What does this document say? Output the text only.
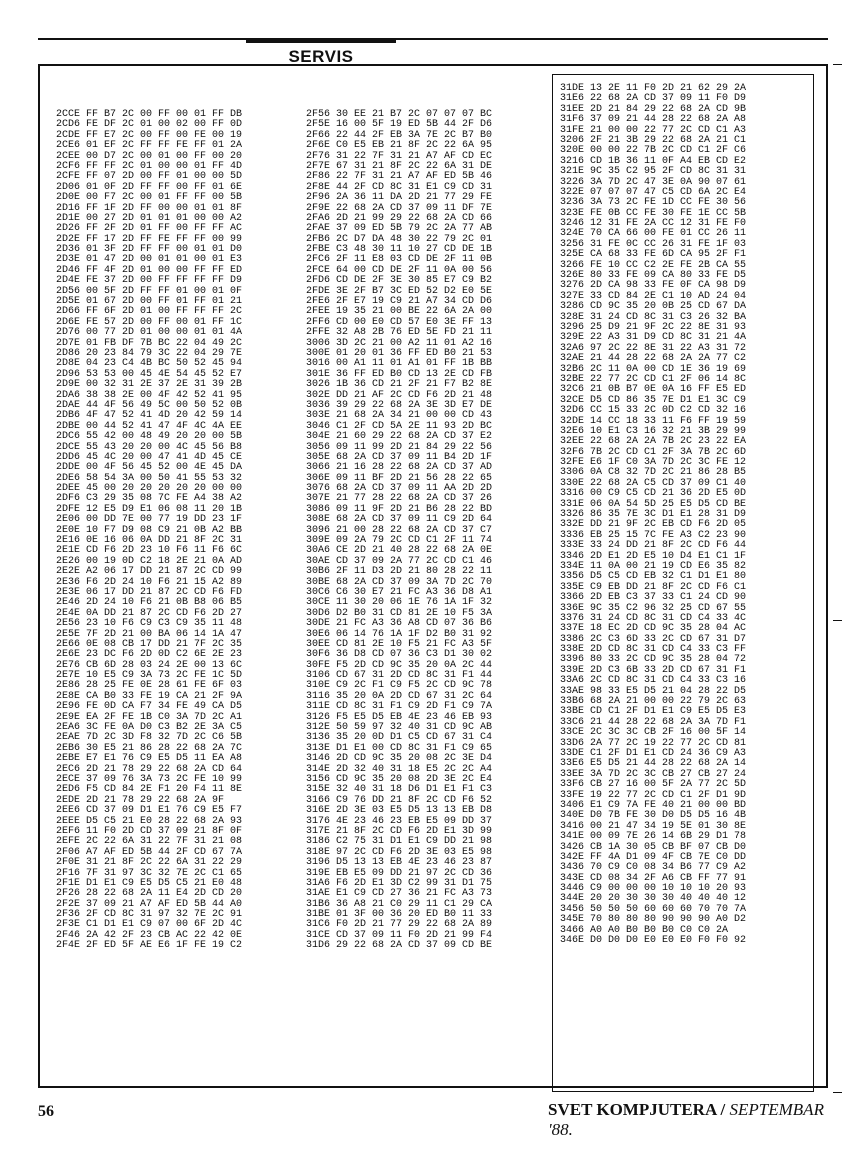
SERVIS
2CCE FF B7 2C 00 FF 00 01 FF DB
2CD6 FE DF 2C 01 00 02 00 FF 0D
2CDE FF E7 2C 00 FF 00 FE 00 19
2CE6 01 EF 2C FF FF FE FF 01 2A
2CEE 00 D7 2C 00 01 00 FF 00 20
2CF6 FF FF 2C 01 00 00 01 FF 4D
2CFE FF 07 2D 00 FF 01 00 00 5D
2D06 01 0F 2D FF FF 00 FF 01 6E
2D0E 00 F7 2C 00 01 FF FF 00 5B
2D16 FF 1F 2D FF 00 00 01 01 8F
2D1E 00 27 2D 01 01 01 00 00 A2
2D26 FF 2F 2D 01 FF 00 FF FF AC
2D2E FF 17 2D FF FE FF FF 00 99
2D36 01 3F 2D FF FF 00 01 01 D0
2D3E 01 47 2D 00 01 01 00 01 E3
2D46 FF 4F 2D 01 00 00 FF FF ED
2D4E FE 37 2D 00 FF FF FF FF D9
2D56 00 5F 2D FF FF 01 00 01 0F
2D5E 01 67 2D 00 FF 01 FF 01 21
2D66 FF 6F 2D 01 00 FF FF FF 2C
2D6E FE 57 2D 00 FF 00 01 FF 1C
2D76 00 77 2D 01 00 00 01 01 4A
2D7E 01 FB DF 7B BC 22 04 49 2C
2D86 20 23 84 79 3C 22 04 29 7E
2D8E 04 23 C4 4B BC 50 52 45 94
2D96 53 53 00 45 4E 54 45 52 E7
2D9E 00 32 31 2E 37 2E 31 39 2B
2DA6 38 38 2E 00 4F 42 52 41 95
2DAE 44 4F 56 49 5C 00 50 52 0B
2DB6 4F 47 52 41 4D 20 42 59 14
2DBE 00 44 52 41 47 4F 4C 4A EE
2DC6 55 42 00 48 49 20 20 00 5B
2DCE 55 43 20 20 00 4C 45 56 B8
2DD6 45 4C 20 00 47 41 4D 45 CE
2DDE 00 4F 56 45 52 00 4E 45 DA
2DE6 58 54 3A 00 50 41 55 53 32
2DEE 45 00 20 20 20 20 20 00 00
2DF6 C3 29 35 08 7C FE A4 38 A2
2DFE 12 E5 D9 E1 06 08 11 20 1B
2E06 00 DD 7E 00 77 19 DD 23 1F
2E0E 10 F7 D9 08 C9 21 0B A2 BB
2E16 0E 16 06 0A DD 21 8F 2C 31
2E1E CD F6 2D 23 10 F6 11 F6 6C
2E26 00 19 0D C2 18 2E 21 0A AD
2E2E A2 06 17 DD 21 87 2C CD 99
2E36 F6 2D 24 10 F6 21 15 A2 89
2E3E 06 17 DD 21 87 2C CD F6 FD
2E46 2D 24 10 F6 21 0B B8 06 B5
2E4E 0A DD 21 87 2C CD F6 2D 27
2E56 23 10 F6 C9 C3 C9 35 11 48
2E5E 7F 2D 21 00 BA 06 14 1A 47
2E66 0E 08 CB 17 DD 21 7F 2C 35
2E6E 23 DC F6 2D 0D C2 6E 2E 23
2E76 CB 6D 28 03 24 2E 00 13 6C
2E7E 10 E5 C9 3A 73 2C FE 1C 5D
2E86 28 25 FE 0E 28 61 FE 6F 03
2E8E CA B0 33 FE 19 CA 21 2F 9A
2E96 FE 0D CA F7 34 FE 49 CA D5
2E9E EA 2F FE 1B C0 3A 7D 2C A1
2EA6 3C FE 0A D0 C3 B2 2E 3A C5
2EAE 7D 2C 3D F8 32 7D 2C C6 5B
2EB6 30 E5 21 86 28 22 68 2A 7C
2EBE E7 E1 76 C9 E5 D5 11 EA A8
2EC6 2D 21 78 29 22 68 2A CD 64
2ECE 37 09 76 3A 73 2C FE 10 99
2ED6 F5 CD 84 2E F1 20 F4 11 8E
2EDE 2D 21 78 29 22 68 2A 9F
2EE6 CD 37 09 D1 E1 76 C9 E5 F7
2EEE D5 C5 21 E0 28 22 68 2A 93
2EF6 11 F0 2D CD 37 09 21 8F 0F
2EFE 2C 22 6A 31 22 7F 31 21 08
2F06 A7 AF ED 5B 44 2F CD 67 7A
2F0E 31 21 8F 2C 22 6A 31 22 29
2F16 7F 31 97 3C 32 7E 2C C1 65
2F1E D1 E1 C9 E5 D5 C5 21 E0 48
2F26 28 22 68 2A 11 E4 2D CD 20
2F2E 37 09 21 A7 AF ED 5B 44 A0
2F36 2F CD 8C 31 97 32 7E 2C 91
2F3E C1 D1 E1 C9 07 00 6F 2D 4C
2F46 2A 42 2F 23 CB AC 22 42 0E
2F4E 2F ED 5F AE E6 1F FE 19 C2
2F56 30 EE 21 B7 2C 07 07 07 BC
2F5E 16 00 5F 19 ED 5B 44 2F D6
2F66 22 44 2F EB 3A 7E 2C B7 B0
2F6E C0 E5 EB 21 8F 2C 22 6A 95
2F76 31 22 7F 31 21 A7 AF CD EC
2F7E 67 31 21 8F 2C 22 6A 31 DE
2F86 22 7F 31 21 A7 AF ED 5B 46
2F8E 44 2F CD 8C 31 E1 C9 CD 31
2F96 2A 36 11 DA 2D 21 77 29 FE
2F9E 22 68 2A CD 37 09 11 DF 7E
2FA6 2D 21 99 29 22 68 2A CD 66
2FAE 37 09 ED 5B 79 2C 2A 77 AB
2FB6 2C D7 DA 48 30 22 79 2C 01
2FBE C3 48 30 11 10 27 CD DE 1B
2FC6 2F 11 E8 03 CD DE 2F 11 0B
2FCE 64 00 CD DE 2F 11 0A 00 56
2FD6 CD DE 2F 3E 30 85 E7 C9 B2
2FDE 3E 2F B7 3C ED 52 D2 E0 5E
2FE6 2F E7 19 C9 21 A7 34 CD D6
2FEE 19 35 21 00 BE 22 6A 2A 00
2FF6 CD 00 E0 CD 57 E0 3E FF 13
2FFE 32 A8 2B 76 ED 5E FD 21 11
3006 3D 2C 21 00 A2 11 01 A2 16
300E 01 20 01 36 FF ED B0 21 53
3016 00 A1 11 01 A1 01 FF 1B BB
301E 36 FF ED B0 CD 13 2E CD FB
3026 1B 36 CD 21 2F 21 F7 B2 8E
302E DD 21 AF 2C CD F6 2D 21 48
3036 39 29 22 68 2A 3E 3D E7 DE
303E 21 68 2A 34 21 00 00 CD 43
3046 C1 2F CD 5A 2E 11 93 2D BC
304E 21 60 29 22 68 2A CD 37 E2
3056 09 11 99 2D 21 84 29 22 56
305E 68 2A CD 37 09 11 B4 2D 1F
3066 21 16 28 22 68 2A CD 37 AD
306E 09 11 BF 2D 21 56 28 22 65
3076 68 2A CD 37 09 11 AA 2D 2D
307E 21 77 28 22 68 2A CD 37 26
3086 09 11 9F 2D 21 B6 28 22 BD
308E 68 2A CD 37 09 11 C9 2D 64
3096 21 00 28 22 68 2A CD 37 C7
309E 09 2A 79 2C CD C1 2F 11 74
30A6 CE 2D 21 40 28 22 68 2A 0E
30AE CD 37 09 2A 77 2C CD C1 46
30B6 2F 11 D3 2D 21 80 28 22 11
30BE 68 2A CD 37 09 3A 7D 2C 70
30C6 C6 30 E7 21 FC A3 36 D8 A1
30CE 11 30 20 06 1E 76 1A 1F 32
30D6 D2 B0 31 CD 81 2E 10 F5 3A
30DE 21 FC A3 36 A8 CD 07 36 B6
30E6 06 14 76 1A 1F D2 B0 31 92
30EE CD 81 2E 10 F5 21 FC A3 5F
30F6 36 D8 CD 07 36 C3 D1 30 02
30FE F5 2D CD 9C 35 20 0A 2C 44
3106 CD 67 31 2D CD 8C 31 F1 44
310E C9 2C F1 C9 F5 2C CD 9C 78
3116 35 20 0A 2D CD 67 31 2C 64
311E CD 8C 31 F1 C9 2D F1 C9 7A
3126 F5 E5 D5 EB 4E 23 46 EB 93
312E 50 59 97 32 40 31 CD 9C AB
3136 35 20 0D D1 C5 CD 67 31 C4
313E D1 E1 00 CD 8C 31 F1 C9 65
3146 2D CD 9C 35 20 08 2C 3E D4
314E 2D 32 40 31 18 E5 2C 2C A4
3156 CD 9C 35 20 08 2D 3E 2C E4
315E 32 40 31 18 D6 D1 E1 F1 C3
3166 C9 76 DD 21 8F 2C CD F6 52
316E 2D 3E 03 E5 D5 13 13 EB D8
3176 4E 23 46 23 EB E5 09 DD 37
317E 21 8F 2C CD F6 2D E1 3D 99
3186 C2 75 31 D1 E1 C9 DD 21 98
318E 97 2C CD F6 2D 3E 03 E5 98
3196 D5 13 13 EB 4E 23 46 23 87
319E EB E5 09 DD 21 97 2C CD 36
31A6 F6 2D E1 3D C2 99 31 D1 75
31AE E1 C9 CD 27 36 21 FC A3 73
31B6 36 A8 21 C0 29 11 C1 29 CA
31BE 01 3F 00 36 20 ED B0 11 33
31C6 F0 2D 21 77 29 22 68 2A 89
31CE CD 37 09 11 F0 2D 21 99 F4
31D6 29 22 68 2A CD 37 09 CD BE
31DE 13 2E 11 F0 2D 21 62 29 2A
31E6 22 68 2A CD 37 09 11 F0 D9
31EE 2D 21 84 29 22 68 2A CD 9B
31F6 37 09 21 44 28 22 68 2A A8
31FE 21 00 00 22 77 2C CD C1 A3
3206 2F 21 3B 29 22 68 2A 21 C1
320E 00 00 22 7B 2C CD C1 2F C6
3216 CD 1B 36 11 0F A4 EB CD E2
321E 9C 35 C2 95 2F CD 8C 31 31
3226 3A 7D 2C 47 3E 0A 90 07 61
322E 07 07 07 47 C5 CD 6A 2C E4
3236 3A 73 2C FE 1D CC FE 30 56
323E FE 0B CC FE 30 FE 1E CC 5B
3246 12 31 FE 2A CC 12 31 FE F0
324E 70 CA 66 00 FE 01 CC 26 11
3256 31 FE 0C CC 26 31 FE 1F 03
325E CA 68 33 FE 6D CA 95 2F F1
3266 FE 10 CC C2 2E FE 2B CA 55
326E 80 33 FE 09 CA 80 33 FE D5
3276 2D CA 98 33 FE 0F CA 98 D9
327E 33 CD 84 2E C1 10 AD 24 04
3286 CD 9C 35 20 0B 25 CD 67 DA
328E 31 24 CD 8C 31 C3 26 32 BA
3296 25 D9 21 9F 2C 22 8E 31 93
329E 22 A3 31 D9 CD 8C 31 21 4A
32A6 97 2C 22 8E 31 22 A3 31 72
32AE 21 44 28 22 68 2A 2A 77 C2
32B6 2C 11 0A 00 CD 1E 36 19 69
32BE 22 77 2C CD C1 2F 06 14 8C
32C6 21 0B B7 0E 0A 16 FF E5 ED
32CE D5 CD 86 35 7E D1 E1 3C C9
32D6 CC 15 33 2C 0D C2 CD 32 16
32DE 14 CC 18 33 11 F6 FF 19 59
32E6 10 E1 C3 16 32 21 3B 29 99
32EE 22 68 2A 2A 7B 2C 23 22 EA
32F6 7B 2C CD C1 2F 3A 7B 2C 6D
32FE E6 1F C0 3A 7D 2C 3C FE 12
3306 0A C8 32 7D 2C 21 86 28 B5
330E 22 68 2A C5 CD 37 09 C1 40
3316 00 C9 C5 CD 21 36 2D E5 0D
331E 06 0A 54 5D 25 E5 D5 CD BE
3326 86 35 7E 3C D1 E1 28 31 D9
332E DD 21 9F 2C EB CD F6 2D 05
3336 EB 25 15 7C FE A3 C2 23 90
333E 33 24 DD 21 8F 2C CD F6 44
3346 2D E1 2D E5 10 D4 E1 C1 1F
334E 11 0A 00 21 19 CD E6 35 82
3356 D5 C5 CD EB 32 C1 D1 E1 80
335E C9 EB DD 21 8F 2C CD F6 C1
3366 2D EB C3 37 33 C1 24 CD 90
336E 9C 35 C2 96 32 25 CD 67 55
3376 31 24 CD 8C 31 CD C4 33 4C
337E 18 EC 2D CD 9C 35 28 04 AC
3386 2C C3 6D 33 2C CD 67 31 D7
338E 2D CD 8C 31 CD C4 33 C3 FF
3396 80 33 2C CD 9C 35 28 04 72
339E 2D C3 6B 33 2D CD 67 31 F1
33A6 2C CD 8C 31 CD C4 33 C3 16
33AE 98 33 E5 D5 21 04 28 22 D5
33B6 68 2A 21 00 00 22 79 2C 63
33BE CD C1 2F D1 E1 C9 E5 D5 E3
33C6 21 44 28 22 68 2A 3A 7D F1
33CE 2C 3C 3C CB 2F 16 00 5F 14
33D6 2A 77 2C 19 22 77 2C CD 81
33DE C1 2F D1 E1 CD 24 36 C9 A3
33E6 E5 D5 21 44 28 22 68 2A 14
33EE 3A 7D 2C 3C CB 27 CB 27 24
33F6 CB 27 16 00 5F 2A 77 2C 5D
33FE 19 22 77 2C CD C1 2F D1 9D
3406 E1 C9 7A FE 40 21 00 00 BD
340E D0 7B FE 30 D0 D5 D5 16 4B
3416 00 21 47 34 19 5E 01 30 8E
341E 00 09 7E 26 14 6B 29 D1 78
3426 CB 1A 30 05 CB BF 07 CB D0
342E FF 4A D1 09 4F CB 7E C0 DD
3436 70 C9 C0 08 34 B6 77 C9 A2
343E CD 08 34 2F A6 CB FF 77 91
3446 C9 00 00 00 10 10 10 20 93
344E 20 20 30 30 30 40 40 40 12
3456 50 50 50 60 60 60 70 70 7A
345E 70 80 80 80 90 90 90 A0 D2
3466 A0 A0 B0 B0 B0 C0 C0 2A
346E D0 D0 D0 E0 E0 E0 F0 F0 92
56	SVET KOMPJUTERA / SEPTEMBAR '88.
